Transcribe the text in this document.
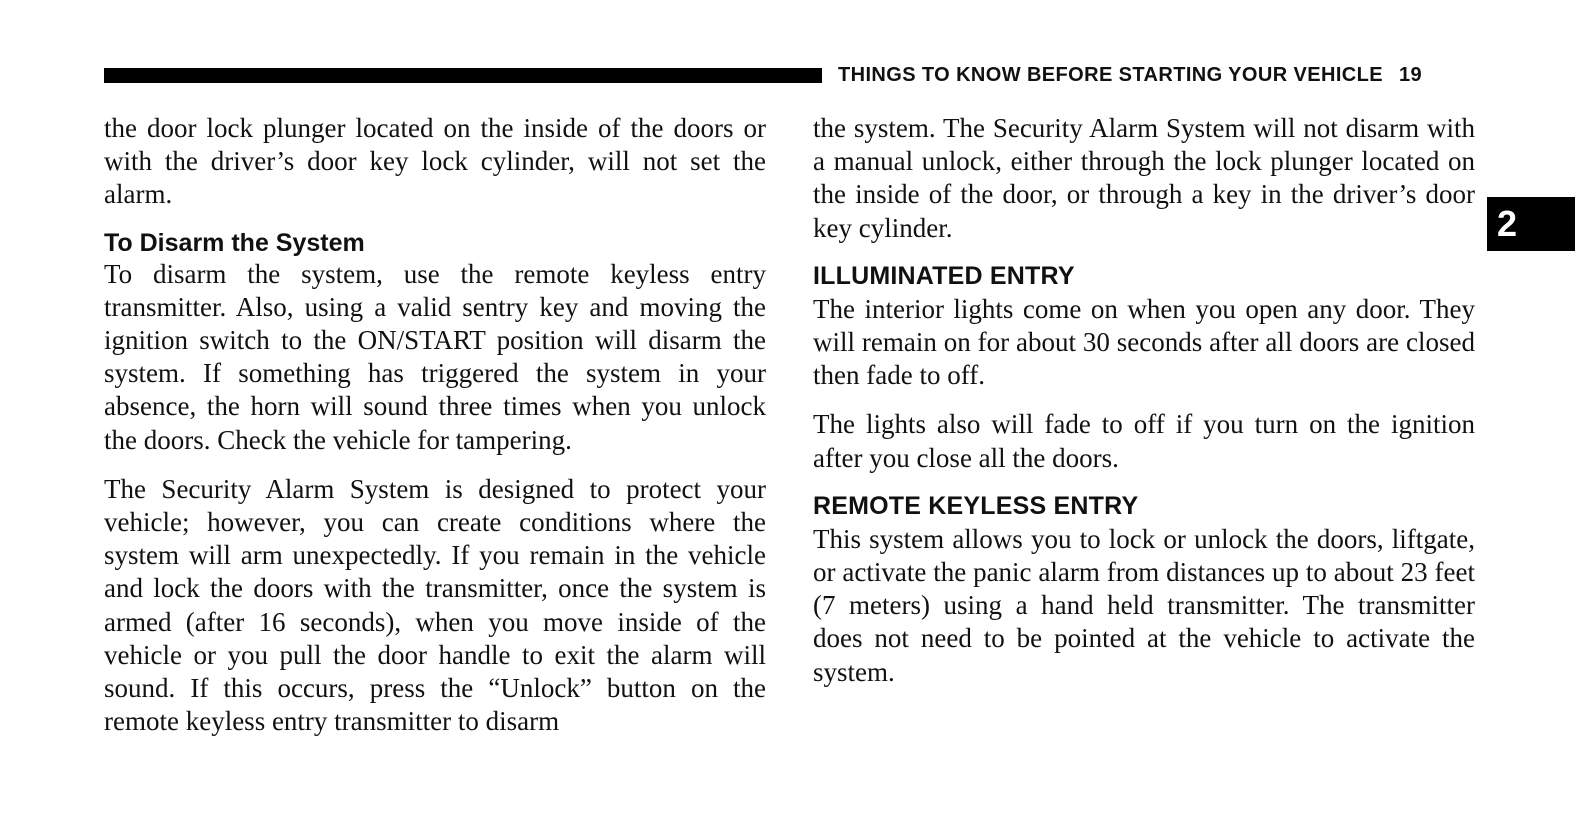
THINGS TO KNOW BEFORE STARTING YOUR VEHICLE 19
2

the door lock plunger located on the inside of the doors or with the driver’s door key lock cylinder, will not set the alarm.

To Disarm the System

To disarm the system, use the remote keyless entry transmitter. Also, using a valid sentry key and moving the ignition switch to the ON/START position will disarm the system. If something has triggered the system in your absence, the horn will sound three times when you unlock the doors. Check the vehicle for tampering.

The Security Alarm System is designed to protect your vehicle; however, you can create conditions where the system will arm unexpectedly. If you remain in the vehicle and lock the doors with the transmitter, once the system is armed (after 16 seconds), when you move inside of the vehicle or you pull the door handle to exit the alarm will sound. If this occurs, press the “Unlock” button on the remote keyless entry transmitter to disarm

the system. The Security Alarm System will not disarm with a manual unlock, either through the lock plunger located on the inside of the door, or through a key in the driver’s door key cylinder.

ILLUMINATED ENTRY

The interior lights come on when you open any door. They will remain on for about 30 seconds after all doors are closed then fade to off.

The lights also will fade to off if you turn on the ignition after you close all the doors.

REMOTE KEYLESS ENTRY

This system allows you to lock or unlock the doors, liftgate, or activate the panic alarm from distances up to about 23 feet (7 meters) using a hand held transmitter. The transmitter does not need to be pointed at the vehicle to activate the system.
